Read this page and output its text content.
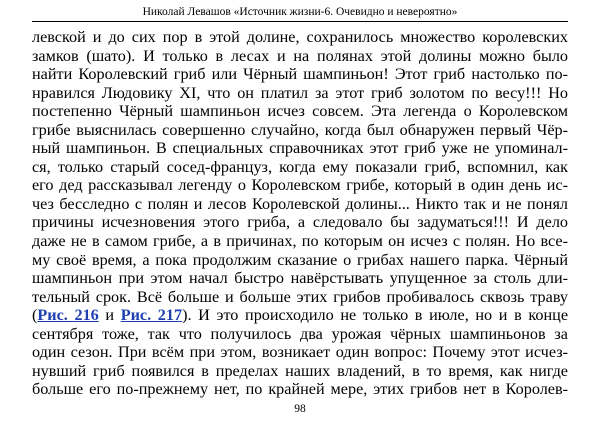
Николай Левашов «Источник жизни-6. Очевидно и невероятно»
левской и до сих пор в этой долине, сохранилось множество королевских
замков (шато). И только в лесах и на полянах этой долины можно было
найти Королевский гриб или Чёрный шампиньон! Этот гриб настолько по-
нравился Людовику XI, что он платил за этот гриб золотом по весу!!! Но
постепенно Чёрный шампиньон исчез совсем. Эта легенда о Королевском
грибе выяснилась совершенно случайно, когда был обнаружен первый Чёр-
ный шампиньон. В специальных справочниках этот гриб уже не упоминал-
ся, только старый сосед-француз, когда ему показали гриб, вспомнил, как
его дед рассказывал легенду о Королевском грибе, который в один день ис-
чез бесследно с полян и лесов Королевской долины... Никто так и не понял
причины исчезновения этого гриба, а следовало бы задуматься!!! И дело
даже не в самом грибе, а в причинах, по которым он исчез с полян. Но все-
му своё время, а пока продолжим сказание о грибах нашего парка. Чёрный
шампиньон при этом начал быстро навёрстывать упущенное за столь дли-
тельный срок. Всё больше и больше этих грибов пробивалось сквозь траву
(Рис. 216 и Рис. 217). И это происходило не только в июле, но и в конце
сентября тоже, так что получилось два урожая чёрных шампиньонов за
один сезон. При всём при этом, возникает один вопрос: Почему этот исчез-
нувший гриб появился в пределах наших владений, в то время, как нигде
больше его по-прежнему нет, по крайней мере, этих грибов нет в Королев-
98
